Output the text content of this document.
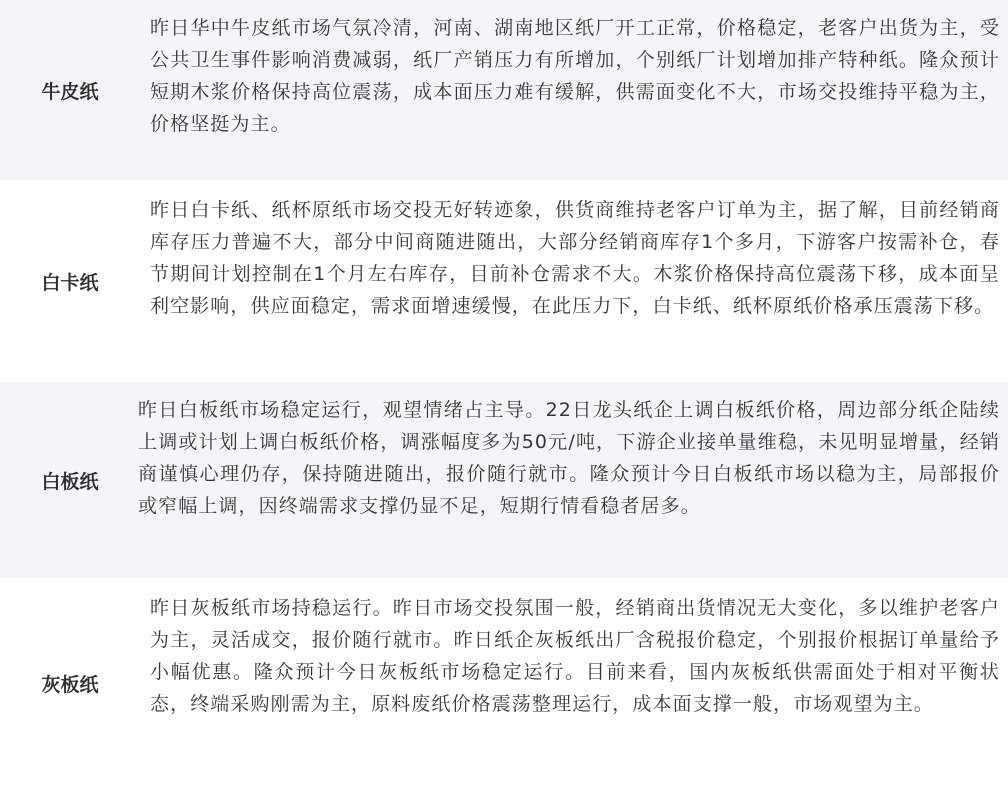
牛皮纸
昨日华中牛皮纸市场气氛冷清，河南、湖南地区纸厂开工正常，价格稳定，老客户出货为主，受公共卫生事件影响消费减弱，纸厂产销压力有所增加，个别纸厂计划增加排产特种纸。隆众预计短期木浆价格保持高位震荡，成本面压力难有缓解，供需面变化不大，市场交投维持平稳为主，价格坚挺为主。
白卡纸
昨日白卡纸、纸杯原纸市场交投无好转迹象，供货商维持老客户订单为主，据了解，目前经销商库存压力普遍不大，部分中间商随进随出，大部分经销商库存1个多月，下游客户按需补仓，春节期间计划控制在1个月左右库存，目前补仓需求不大。木浆价格保持高位震荡下移，成本面呈利空影响，供应面稳定，需求面增速缓慢，在此压力下，白卡纸、纸杯原纸价格承压震荡下移。
白板纸
昨日白板纸市场稳定运行，观望情绪占主导。22日龙头纸企上调白板纸价格，周边部分纸企陆续上调或计划上调白板纸价格，调涨幅度多为50元/吨，下游企业接单量维稳，未见明显增量，经销商谨慎心理仍存，保持随进随出，报价随行就市。隆众预计今日白板纸市场以稳为主，局部报价或窄幅上调，因终端需求支撑仍显不足，短期行情看稳者居多。
灰板纸
昨日灰板纸市场持稳运行。昨日市场交投氛围一般，经销商出货情况无大变化，多以维护老客户为主，灵活成交，报价随行就市。昨日纸企灰板纸出厂含税报价稳定，个别报价根据订单量给予小幅优惠。隆众预计今日灰板纸市场稳定运行。目前来看，国内灰板纸供需面处于相对平衡状态，终端采购刚需为主，原料废纸价格震荡整理运行，成本面支撑一般，市场观望为主。
